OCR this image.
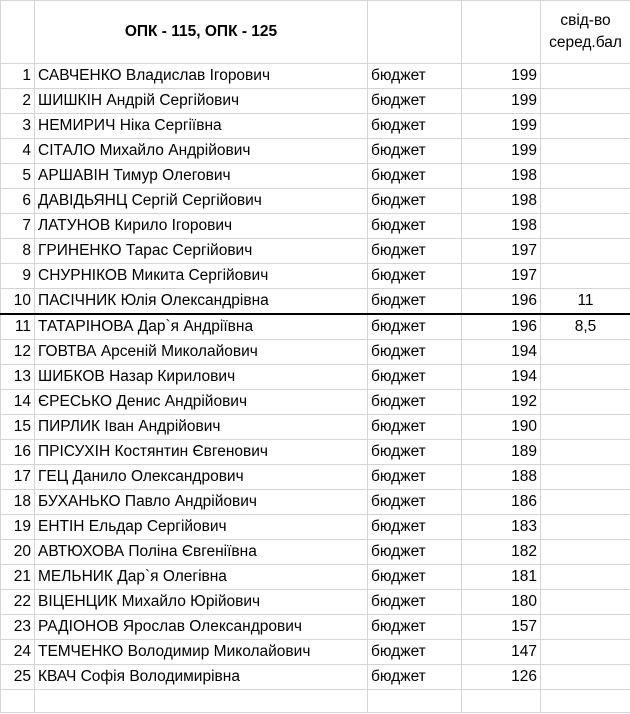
	ОПК - 115, ОПК - 125			свід-во
серед.бал
1	САВЧЕНКО Владислав Ігорович	бюджет	199	
2	ШИШКІН Андрій Сергійович	бюджет	199	
3	НЕМИРИЧ Ніка Сергіївна	бюджет	199	
4	СІТАЛО Михайло Андрійович	бюджет	199	
5	АРШАВІН Тимур Олегович	бюджет	198	
6	ДАВІДЬЯНЦ Сергій Сергійович	бюджет	198	
7	ЛАТУНОВ Кирило Ігорович	бюджет	198	
8	ГРИНЕНКО Тарас Сергійович	бюджет	197	
9	СНУРНІКОВ Микита Сергійович	бюджет	197	
10	ПАСІЧНИК Юлія Олександрівна	бюджет	196	11
11	ТАТАРІНОВА Дар`я Андріївна	бюджет	196	8,5
12	ГОВТВА Арсеній Миколайович	бюджет	194	
13	ШИБКОВ Назар Кирилович	бюджет	194	
14	ЄРЕСЬКО Денис Андрійович	бюджет	192	
15	ПИРЛИК Іван Андрійович	бюджет	190	
16	ПРІСУХІН Костянтин Євгенович	бюджет	189	
17	ГЕЦ Данило Олександрович	бюджет	188	
18	БУХАНЬКО Павло Андрійович	бюджет	186	
19	ЕНТІН Ельдар Сергійович	бюджет	183	
20	АВТЮХОВА Поліна Євгеніївна	бюджет	182	
21	МЕЛЬНИК Дар`я Олегівна	бюджет	181	
22	ВІЦЕНЦИК Михайло Юрійович	бюджет	180	
23	РАДІОНОВ Ярослав Олександрович	бюджет	157	
24	ТЕМЧЕНКО Володимир Миколайович	бюджет	147	
25	КВАЧ Софія Володимирівна	бюджет	126	
